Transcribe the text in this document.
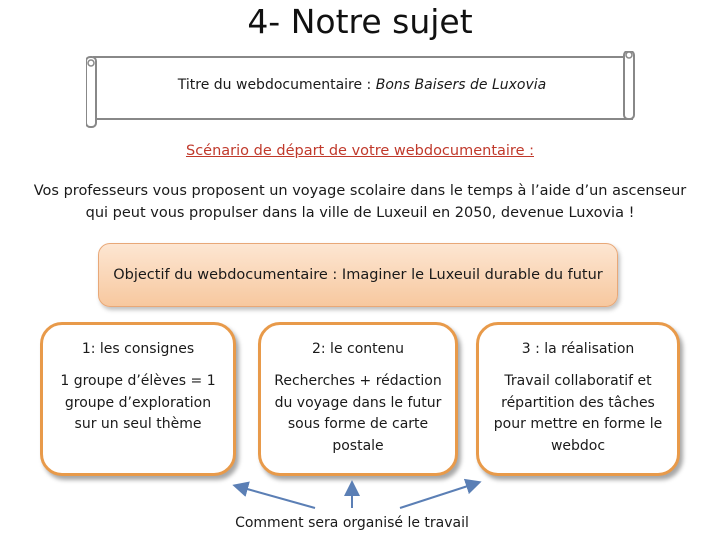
4- Notre sujet
Titre du webdocumentaire : Bons Baisers de Luxovia
Scénario de départ de votre webdocumentaire :
Vos professeurs vous proposent un voyage scolaire dans le temps à l’aide d’un ascenseur qui peut vous propulser dans la ville de Luxeuil en 2050, devenue Luxovia !
Objectif du webdocumentaire : Imaginer le Luxeuil durable du futur
1: les consignes
1 groupe d’élèves = 1 groupe d’exploration sur un seul thème
2: le contenu
Recherches + rédaction du voyage dans le futur sous forme de carte postale
3 : la réalisation
Travail collaboratif et répartition des tâches pour mettre en forme le webdoc
Comment sera organisé le travail
